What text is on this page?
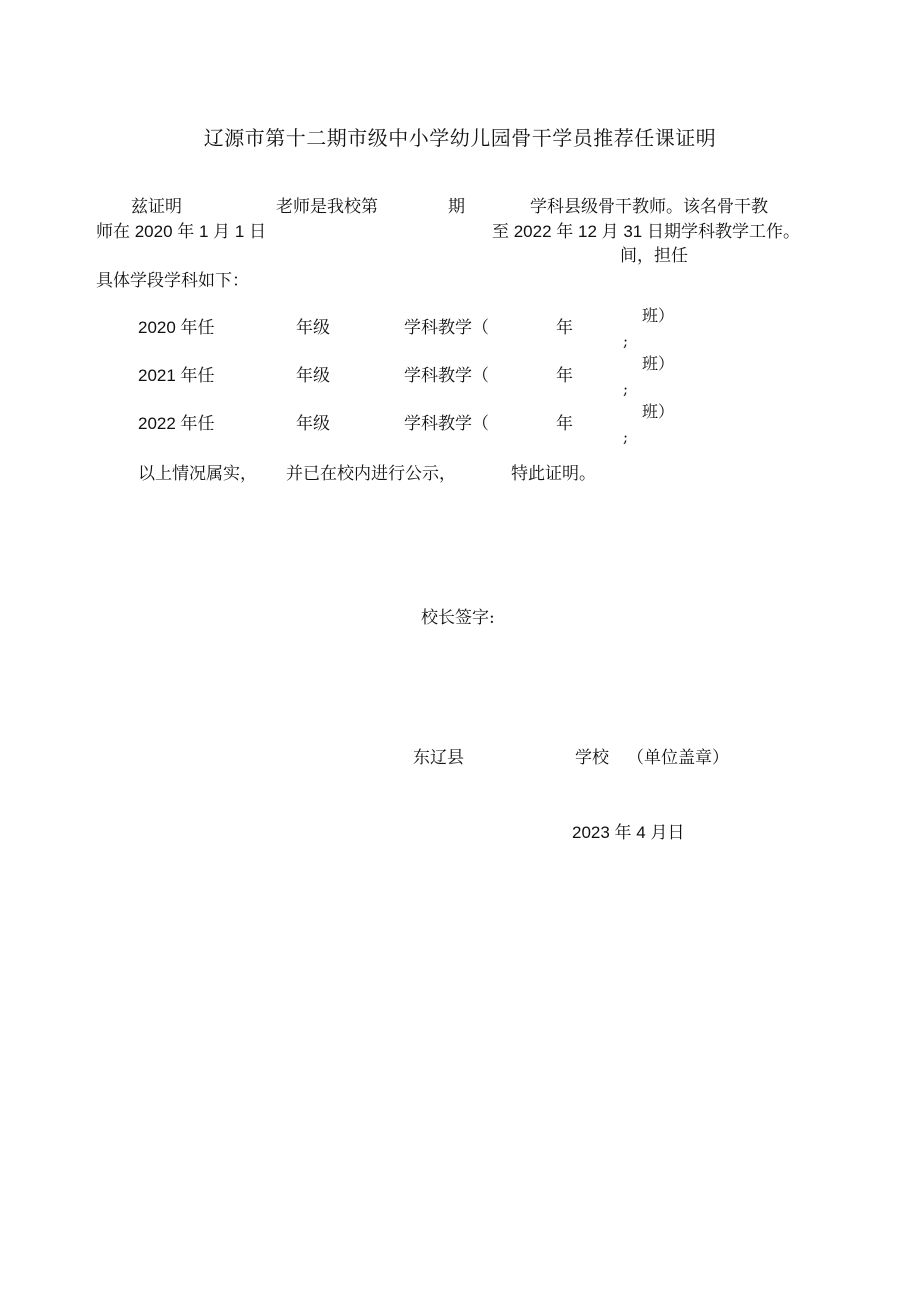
辽源市第十二期市级中小学幼儿园骨干学员推荐任课证明
兹证明	老师是我校第	期	学科县级骨干教师。该名骨干教
师在 2020 年 1 月 1 日	至 2022 年 12 月 31 日期学科教学工作。
间，担任
具体学段学科如下：
2020 年任	年级	学科教学（	年
班）
;
2021 年任	年级	学科教学（	年
班）
;
2022 年任	年级	学科教学（	年
班）
;
以上情况属实， 并已在校内进行公示，	特此证明。
校长签字:
东辽县	学校 （单位盖章）
2023 年 4 月日
